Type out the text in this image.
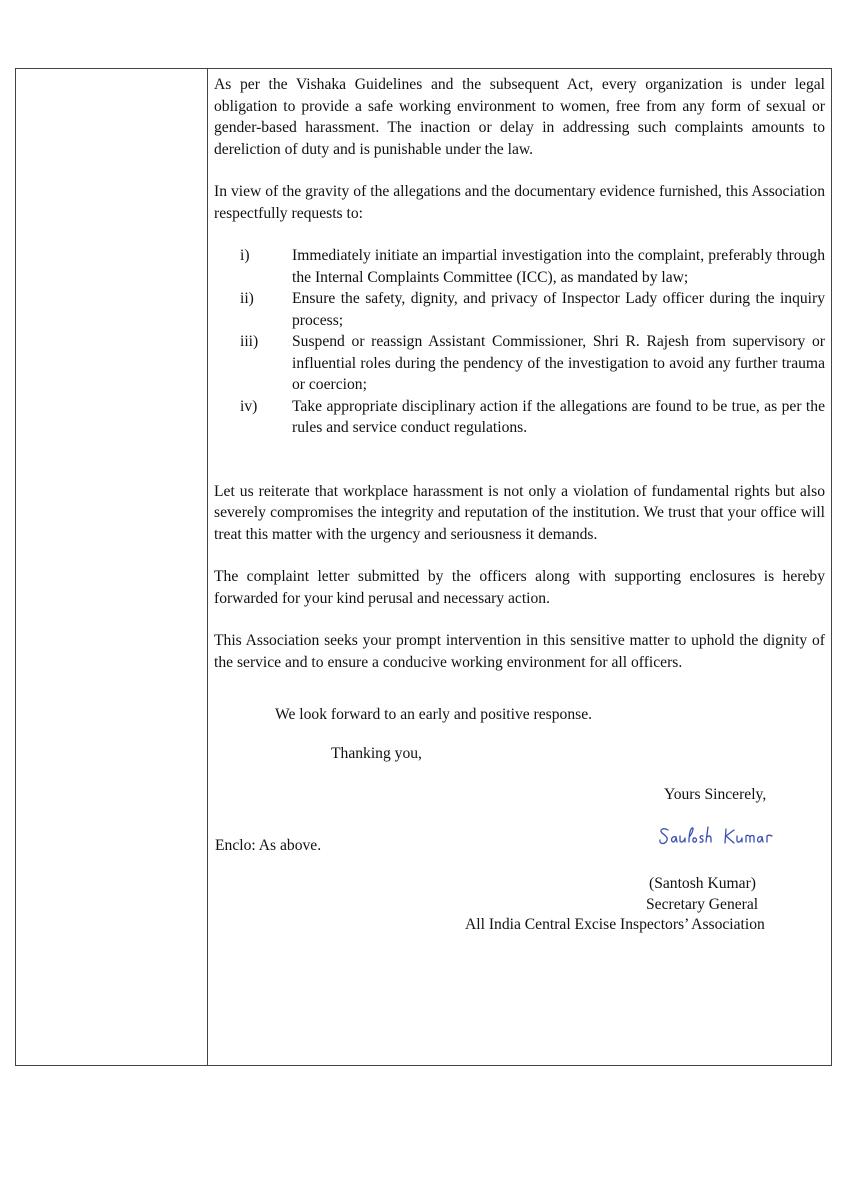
As per the Vishaka Guidelines and the subsequent Act, every organization is under legal obligation to provide a safe working environment to women, free from any form of sexual or gender-based harassment. The inaction or delay in addressing such complaints amounts to dereliction of duty and is punishable under the law.

In view of the gravity of the allegations and the documentary evidence furnished, this Association respectfully requests to:

i)	Immediately initiate an impartial investigation into the complaint, preferably through the Internal Complaints Committee (ICC), as mandated by law;
ii)	Ensure the safety, dignity, and privacy of Inspector Lady officer during the inquiry process;
iii)	Suspend or reassign Assistant Commissioner, Shri R. Rajesh from supervisory or influential roles during the pendency of the investigation to avoid any further trauma or coercion;
iv)	Take appropriate disciplinary action if the allegations are found to be true, as per the rules and service conduct regulations.

Let us reiterate that workplace harassment is not only a violation of fundamental rights but also severely compromises the integrity and reputation of the institution. We trust that your office will treat this matter with the urgency and seriousness it demands.

The complaint letter submitted by the officers along with supporting enclosures is hereby forwarded for your kind perusal and necessary action.

This Association seeks your prompt intervention in this sensitive matter to uphold the dignity of the service and to ensure a conducive working environment for all officers.

We look forward to an early and positive response.
Thanking you,
Yours Sincerely,
Enclo: As above.
(Santosh Kumar)
Secretary General
All India Central Excise Inspectors’ Association
